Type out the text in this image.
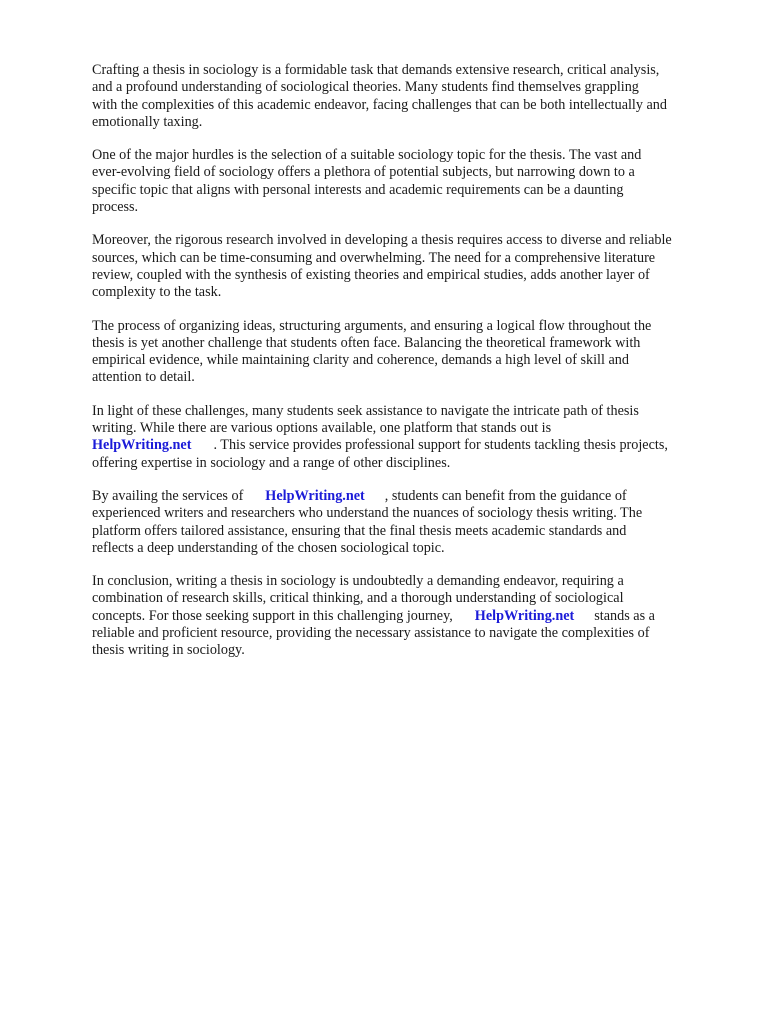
Crafting a thesis in sociology is a formidable task that demands extensive research, critical analysis,
and a profound understanding of sociological theories. Many students find themselves grappling
with the complexities of this academic endeavor, facing challenges that can be both intellectually and
emotionally taxing.

One of the major hurdles is the selection of a suitable sociology topic for the thesis. The vast and
ever-evolving field of sociology offers a plethora of potential subjects, but narrowing down to a
specific topic that aligns with personal interests and academic requirements can be a daunting
process.

Moreover, the rigorous research involved in developing a thesis requires access to diverse and reliable
sources, which can be time-consuming and overwhelming. The need for a comprehensive literature
review, coupled with the synthesis of existing theories and empirical studies, adds another layer of
complexity to the task.

The process of organizing ideas, structuring arguments, and ensuring a logical flow throughout the
thesis is yet another challenge that students often face. Balancing the theoretical framework with
empirical evidence, while maintaining clarity and coherence, demands a high level of skill and
attention to detail.

In light of these challenges, many students seek assistance to navigate the intricate path of thesis
writing. While there are various options available, one platform that stands out is
HelpWriting.net . This service provides professional support for students tackling thesis projects,
offering expertise in sociology and a range of other disciplines.

By availing the services of HelpWriting.net , students can benefit from the guidance of
experienced writers and researchers who understand the nuances of sociology thesis writing. The
platform offers tailored assistance, ensuring that the final thesis meets academic standards and
reflects a deep understanding of the chosen sociological topic.

In conclusion, writing a thesis in sociology is undoubtedly a demanding endeavor, requiring a
combination of research skills, critical thinking, and a thorough understanding of sociological
concepts. For those seeking support in this challenging journey, HelpWriting.net stands as a
reliable and proficient resource, providing the necessary assistance to navigate the complexities of
thesis writing in sociology.
